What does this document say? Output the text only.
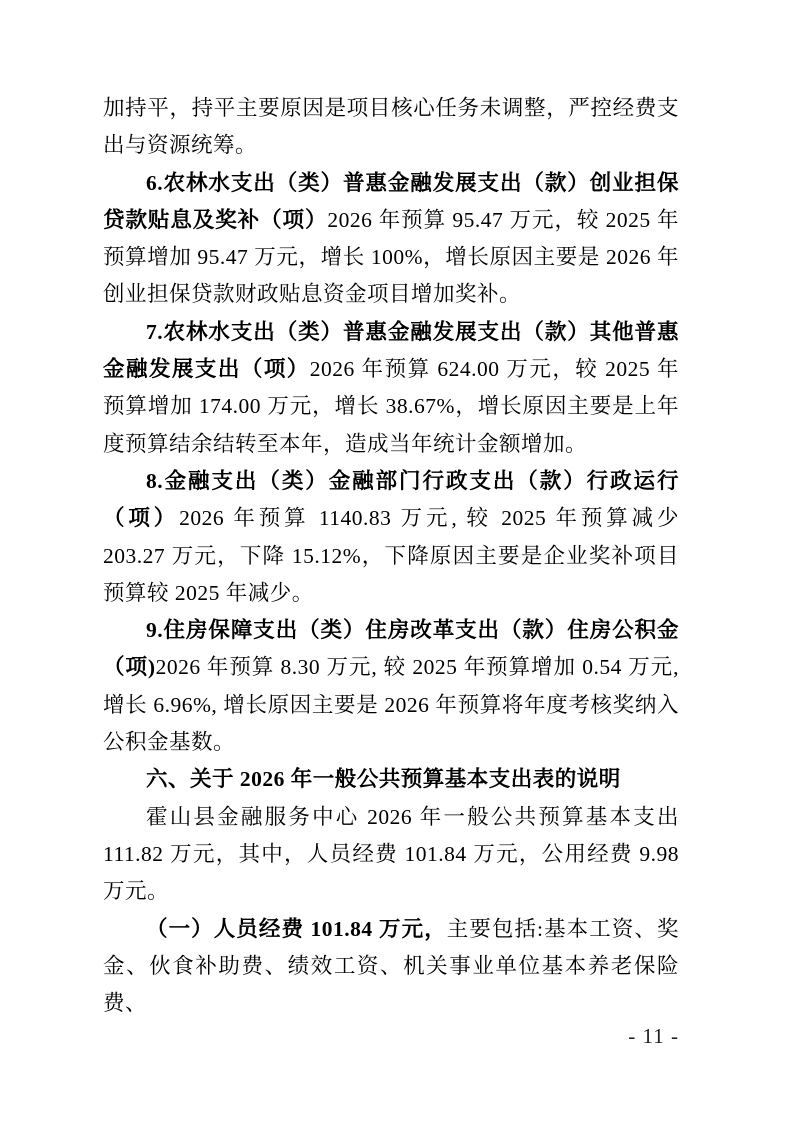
加持平，持平主要原因是项目核心任务未调整，严控经费支出与资源统筹。

6.农林水支出（类）普惠金融发展支出（款）创业担保贷款贴息及奖补（项）2026 年预算 95.47 万元，较 2025 年预算增加 95.47 万元，增长 100%，增长原因主要是 2026 年创业担保贷款财政贴息资金项目增加奖补。

7.农林水支出（类）普惠金融发展支出（款）其他普惠金融发展支出（项）2026 年预算 624.00 万元，较 2025 年预算增加 174.00 万元，增长 38.67%，增长原因主要是上年度预算结余结转至本年，造成当年统计金额增加。

8.金融支出（类）金融部门行政支出（款）行政运行（项）2026 年预算 1140.83 万元, 较 2025 年预算减少 203.27 万元，下降 15.12%，下降原因主要是企业奖补项目预算较 2025 年减少。

9.住房保障支出（类）住房改革支出（款）住房公积金（项)2026 年预算 8.30 万元, 较 2025 年预算增加 0.54 万元, 增长 6.96%, 增长原因主要是 2026 年预算将年度考核奖纳入公积金基数。

六、关于 2026 年一般公共预算基本支出表的说明

霍山县金融服务中心 2026 年一般公共预算基本支出 111.82 万元，其中，人员经费 101.84 万元，公用经费 9.98 万元。

（一）人员经费 101.84 万元，主要包括:基本工资、奖金、伙食补助费、绩效工资、机关事业单位基本养老保险费、

- 11 -
